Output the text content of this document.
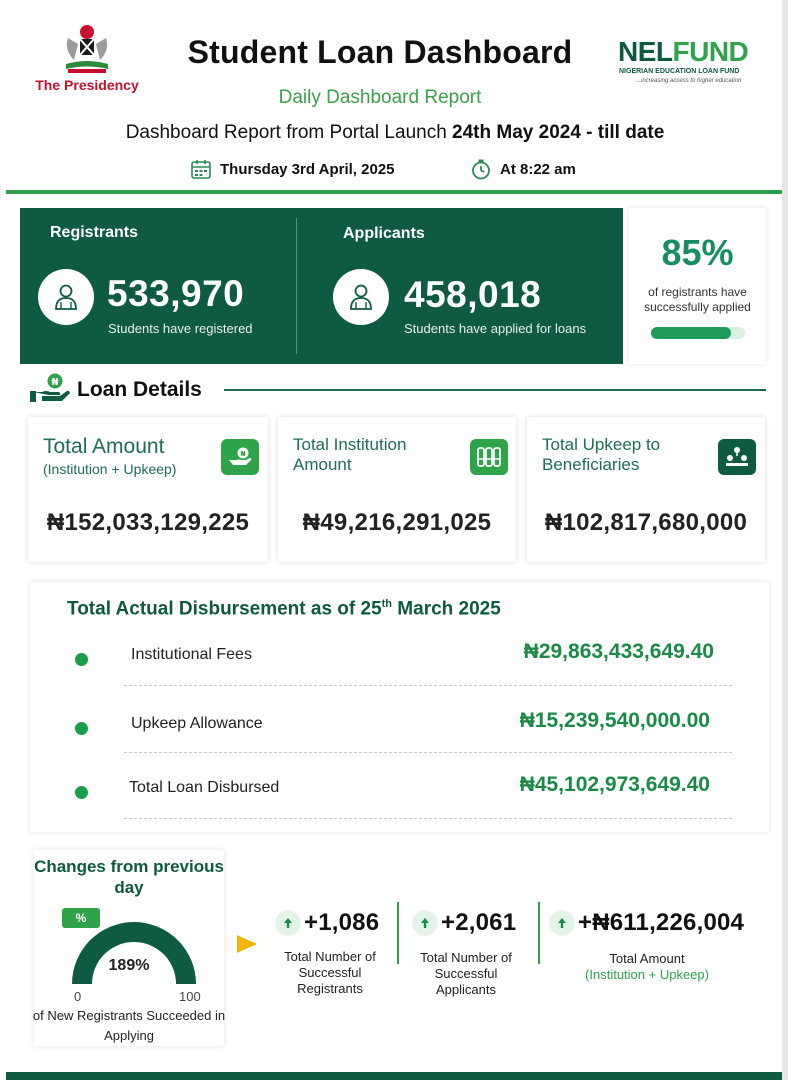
The Presidency
Student Loan Dashboard
Daily Dashboard Report
NELFUND
NIGERIAN EDUCATION LOAN FUND
...increasing access to higher education
Dashboard Report from Portal Launch 24th May 2024 - till date
Thursday 3rd April, 2025	At 8:22 am
Registrants
533,970
Students have registered
Applicants
458,018
Students have applied for loans
85%
of registrants have successfully applied
₦ Loan Details
Total Amount
(Institution + Upkeep)
₦
₦152,033,129,225
Total Institution Amount
₦49,216,291,025
Total Upkeep to Beneficiaries
₦102,817,680,000
Total Actual Disbursement as of 25th March 2025
Institutional Fees	₦29,863,433,649.40
Upkeep Allowance	₦15,239,540,000.00
Total Loan Disbursed	₦45,102,973,649.40
Changes from previous day
%
189%
0	100
of New Registrants Succeeded in Applying
+1,086
Total Number of Successful Registrants
+2,061
Total Number of Successful Applicants
+₦611,226,004
Total Amount
(Institution + Upkeep)
